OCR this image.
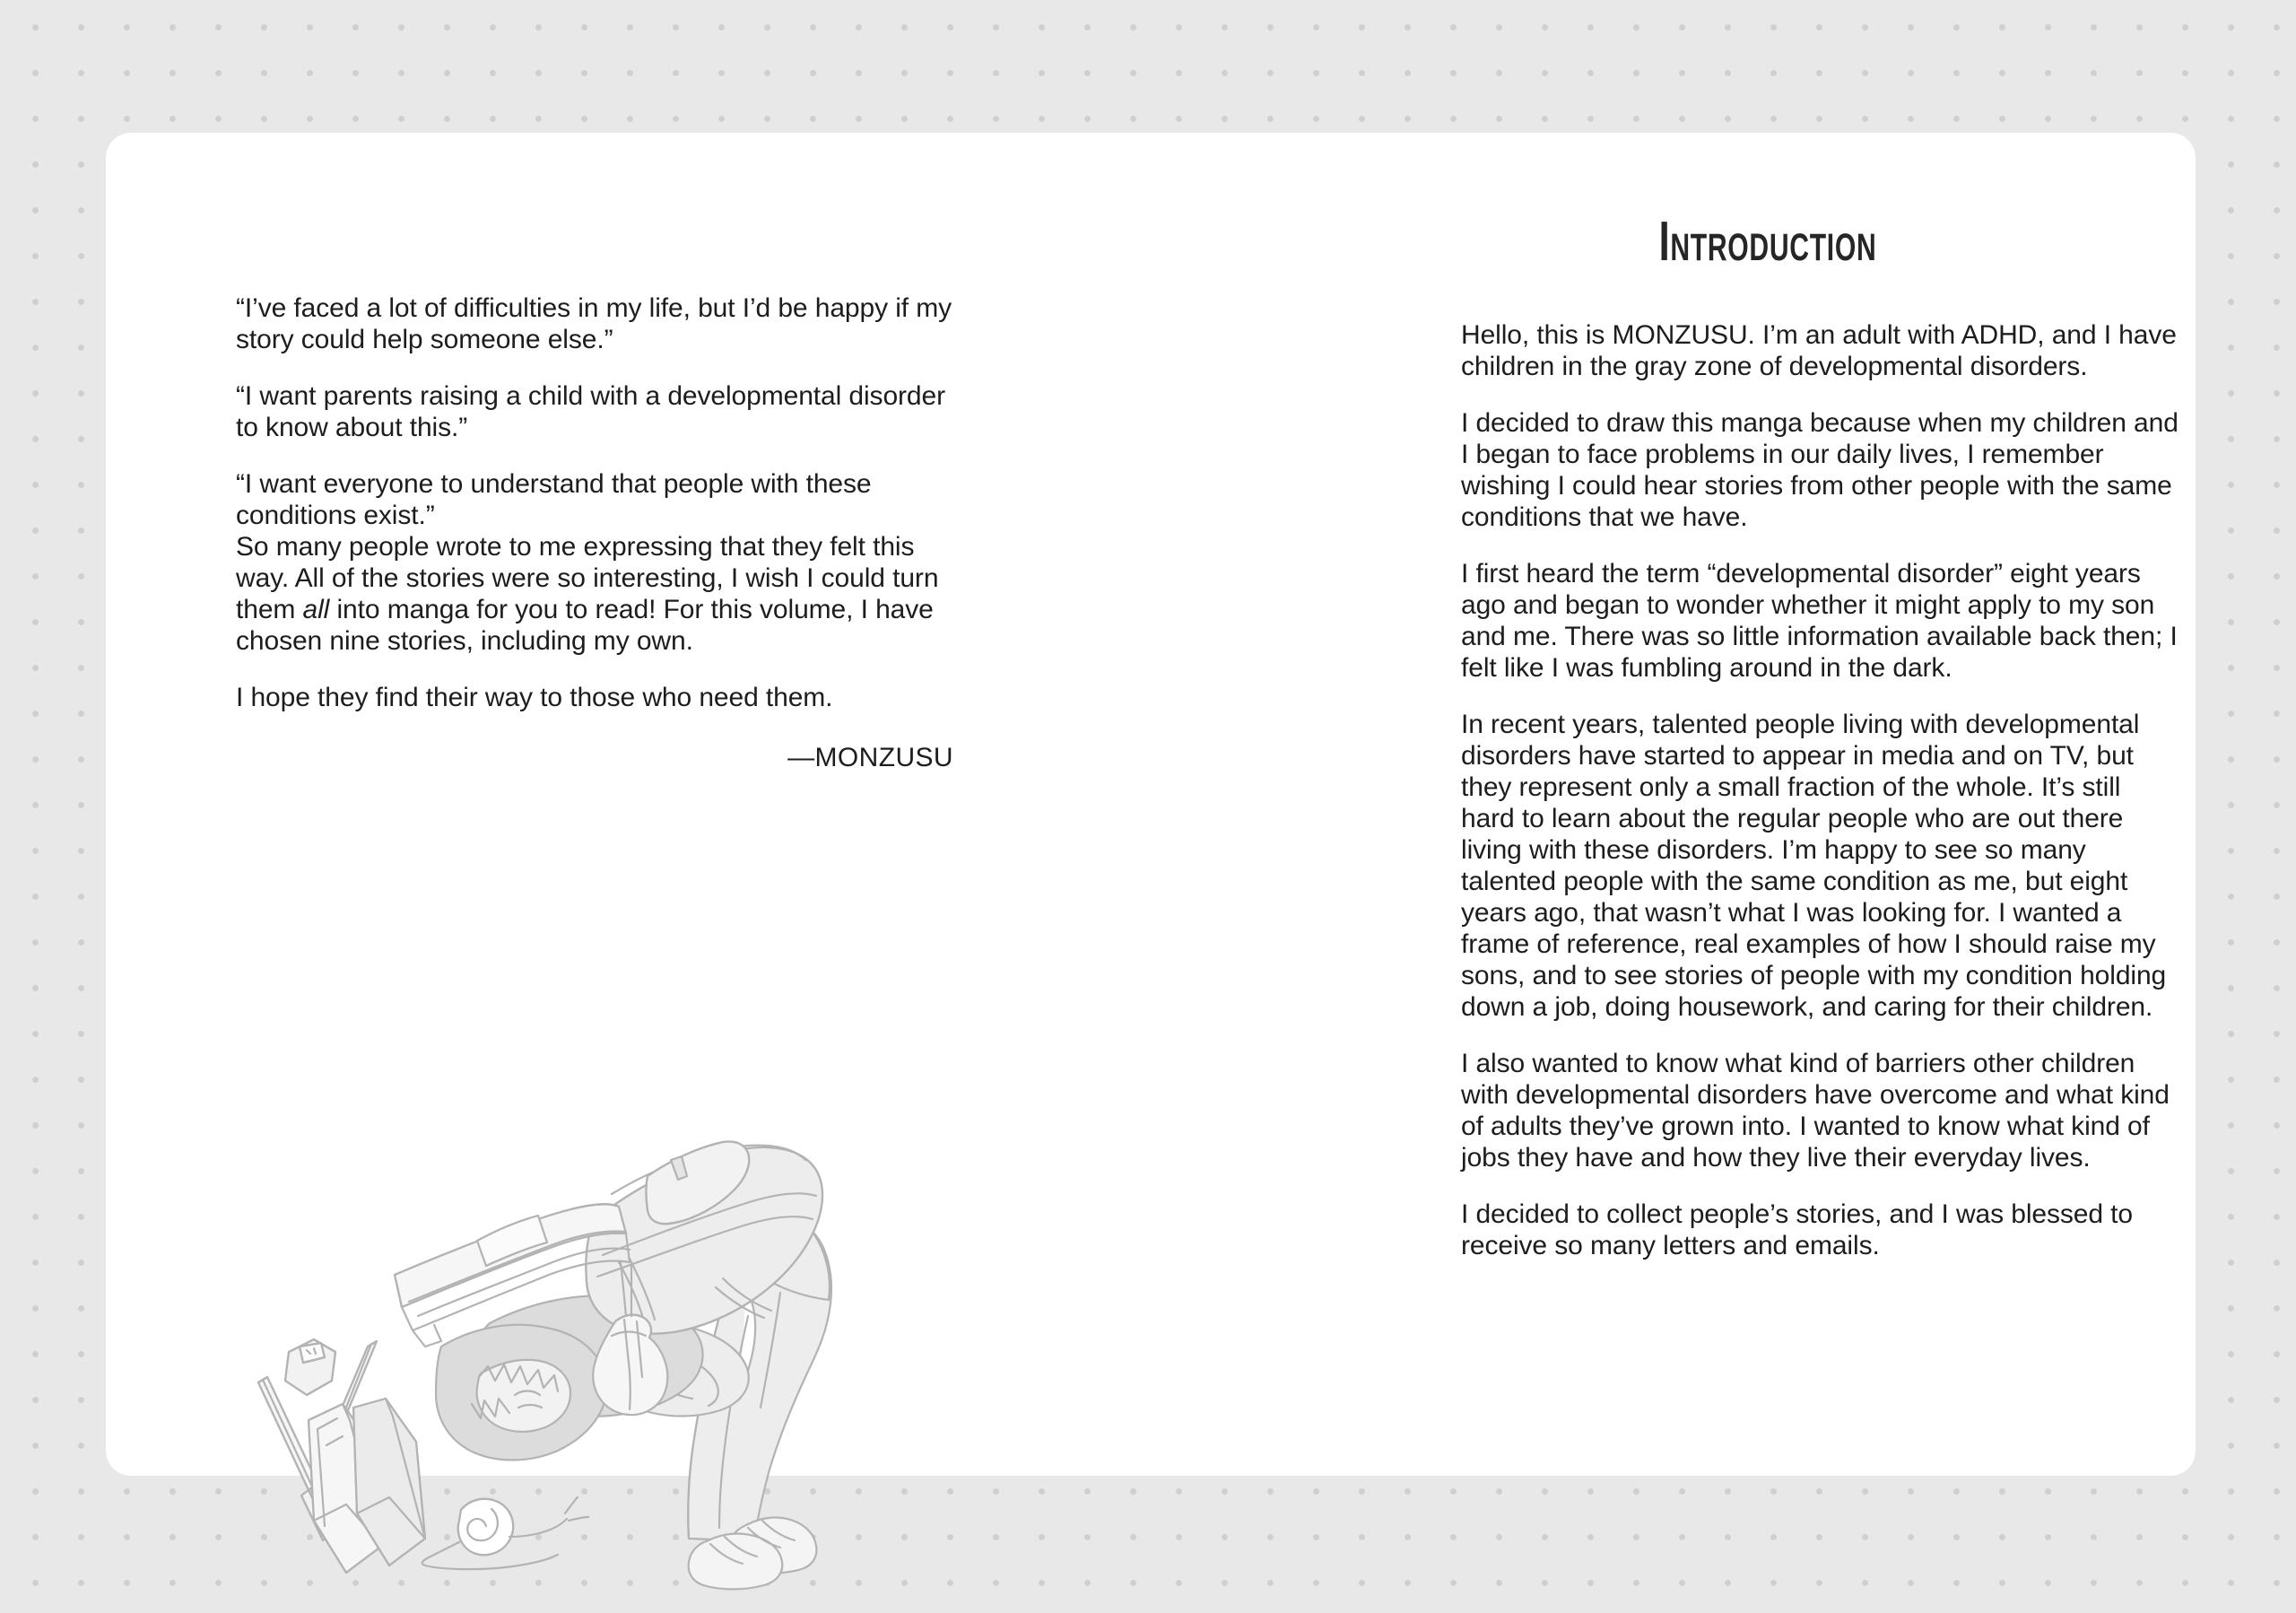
“I’ve faced a lot of difficulties in my life, but I’d be happy if my story could help someone else.”

“I want parents raising a child with a developmental disorder to know about this.”

“I want everyone to understand that people with these conditions exist.”

So many people wrote to me expressing that they felt this way. All of the stories were so interesting, I wish I could turn them all into manga for you to read! For this volume, I have chosen nine stories, including my own.

I hope they find their way to those who need them.

—MONZUSU
Introduction

Hello, this is MONZUSU. I’m an adult with ADHD, and I have children in the gray zone of developmental disorders.

I decided to draw this manga because when my children and I began to face problems in our daily lives, I remember wishing I could hear stories from other people with the same conditions that we have.

I first heard the term “developmental disorder” eight years ago and began to wonder whether it might apply to my son and me. There was so little information available back then; I felt like I was fumbling around in the dark.

In recent years, talented people living with developmental disorders have started to appear in media and on TV, but they represent only a small fraction of the whole. It’s still hard to learn about the regular people who are out there living with these disorders. I’m happy to see so many talented people with the same condition as me, but eight years ago, that wasn’t what I was looking for. I wanted a frame of reference, real examples of how I should raise my sons, and to see stories of people with my condition holding down a job, doing housework, and caring for their children.

I also wanted to know what kind of barriers other children with developmental disorders have overcome and what kind of adults they’ve grown into. I wanted to know what kind of jobs they have and how they live their everyday lives.

I decided to collect people’s stories, and I was blessed to receive so many letters and emails.
